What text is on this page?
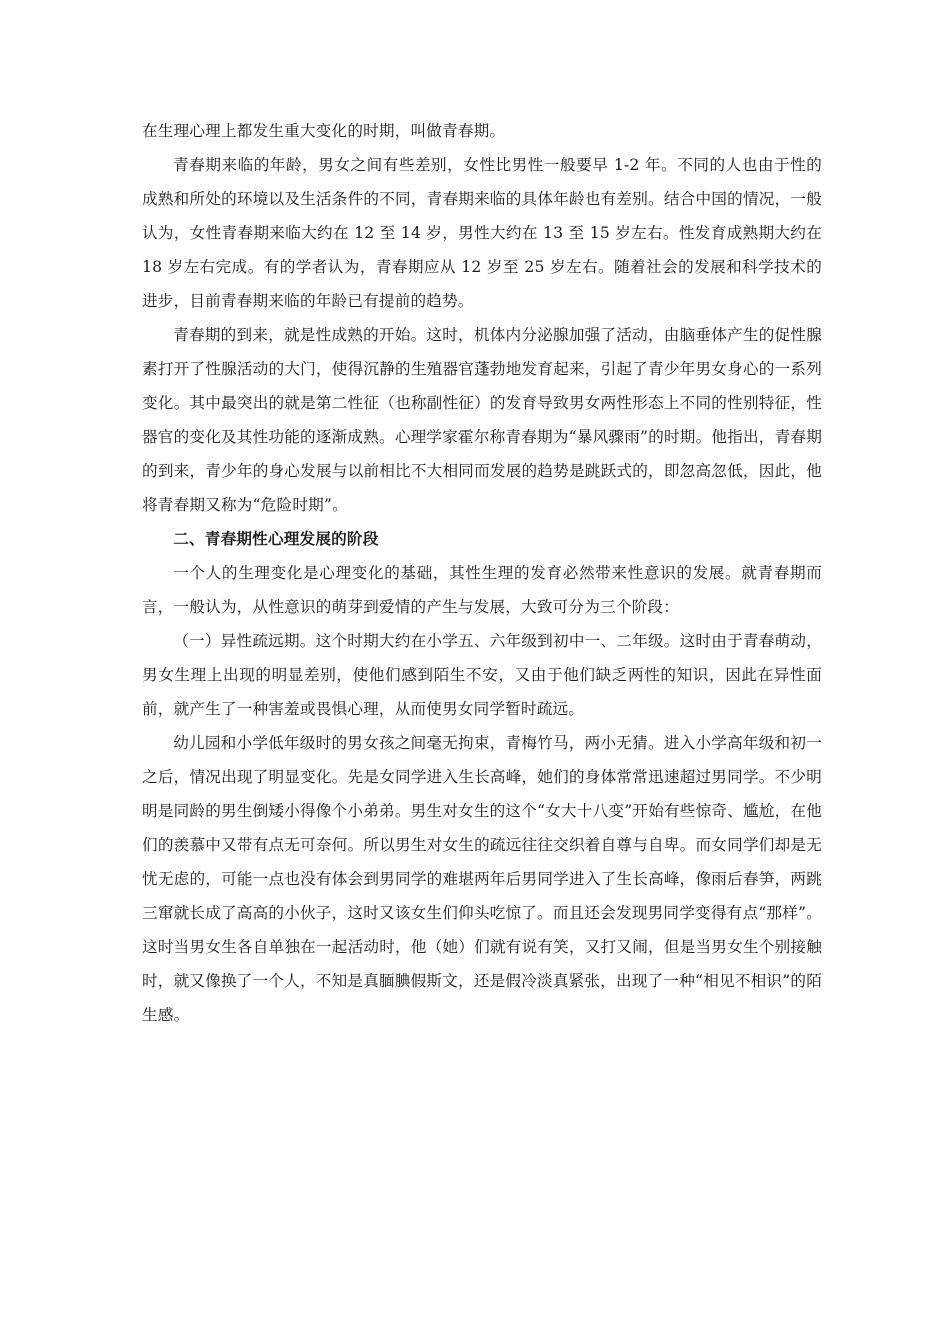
在生理心理上都发生重大变化的时期，叫做青春期。

青春期来临的年龄，男女之间有些差别，女性比男性一般要早 1-2 年。不同的人也由于性的成熟和所处的环境以及生活条件的不同，青春期来临的具体年龄也有差别。结合中国的情况，一般认为，女性青春期来临大约在 12 至 14 岁，男性大约在 13 至 15 岁左右。性发育成熟期大约在 18 岁左右完成。有的学者认为，青春期应从 12 岁至 25 岁左右。随着社会的发展和科学技术的进步，目前青春期来临的年龄已有提前的趋势。

青春期的到来，就是性成熟的开始。这时，机体内分泌腺加强了活动，由脑垂体产生的促性腺素打开了性腺活动的大门，使得沉静的生殖器官蓬勃地发育起来，引起了青少年男女身心的一系列变化。其中最突出的就是第二性征（也称副性征）的发育导致男女两性形态上不同的性别特征，性器官的变化及其性功能的逐渐成熟。心理学家霍尔称青春期为“暴风骤雨”的时期。他指出，青春期的到来，青少年的身心发展与以前相比不大相同而发展的趋势是跳跃式的，即忽高忽低，因此，他将青春期又称为“危险时期”。

二、青春期性心理发展的阶段

一个人的生理变化是心理变化的基础，其性生理的发育必然带来性意识的发展。就青春期而言，一般认为，从性意识的萌芽到爱情的产生与发展，大致可分为三个阶段：

（一）异性疏远期。这个时期大约在小学五、六年级到初中一、二年级。这时由于青春萌动，男女生理上出现的明显差别，使他们感到陌生不安，又由于他们缺乏两性的知识，因此在异性面前，就产生了一种害羞或畏惧心理，从而使男女同学暂时疏远。

幼儿园和小学低年级时的男女孩之间毫无拘束，青梅竹马，两小无猜。进入小学高年级和初一之后，情况出现了明显变化。先是女同学进入生长高峰，她们的身体常常迅速超过男同学。不少明明是同龄的男生倒矮小得像个小弟弟。男生对女生的这个“女大十八变”开始有些惊奇、尴尬，在他们的羡慕中又带有点无可奈何。所以男生对女生的疏远往往交织着自尊与自卑。而女同学们却是无忧无虑的，可能一点也没有体会到男同学的难堪两年后男同学进入了生长高峰，像雨后春笋，两跳三窜就长成了高高的小伙子，这时又该女生们仰头吃惊了。而且还会发现男同学变得有点“那样”。这时当男女生各自单独在一起活动时，他（她）们就有说有笑，又打又闹，但是当男女生个别接触时，就又像换了一个人，不知是真腼腆假斯文，还是假冷淡真紧张，出现了一种“相见不相识”的陌生感。
